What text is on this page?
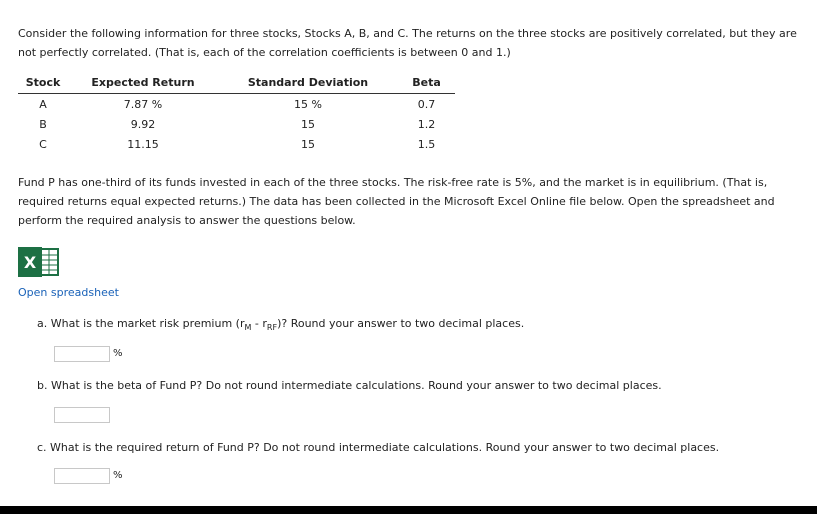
Consider the following information for three stocks, Stocks A, B, and C. The returns on the three stocks are positively correlated, but they are
not perfectly correlated. (That is, each of the correlation coefficients is between 0 and 1.)
Stock	Expected Return	Standard Deviation	Beta
A	7.87 %	15 %	0.7
B	9.92	15	1.2
C	11.15	15	1.5
Fund P has one-third of its funds invested in each of the three stocks. The risk-free rate is 5%, and the market is in equilibrium. (That is,
required returns equal expected returns.) The data has been collected in the Microsoft Excel Online file below. Open the spreadsheet and
perform the required analysis to answer the questions below.
X
Open spreadsheet
a. What is the market risk premium $(r_M - r_{RF})$? Round your answer to two decimal places.
%
b. What is the beta of Fund P? Do not round intermediate calculations. Round your answer to two decimal places.
c. What is the required return of Fund P? Do not round intermediate calculations. Round your answer to two decimal places.
%
